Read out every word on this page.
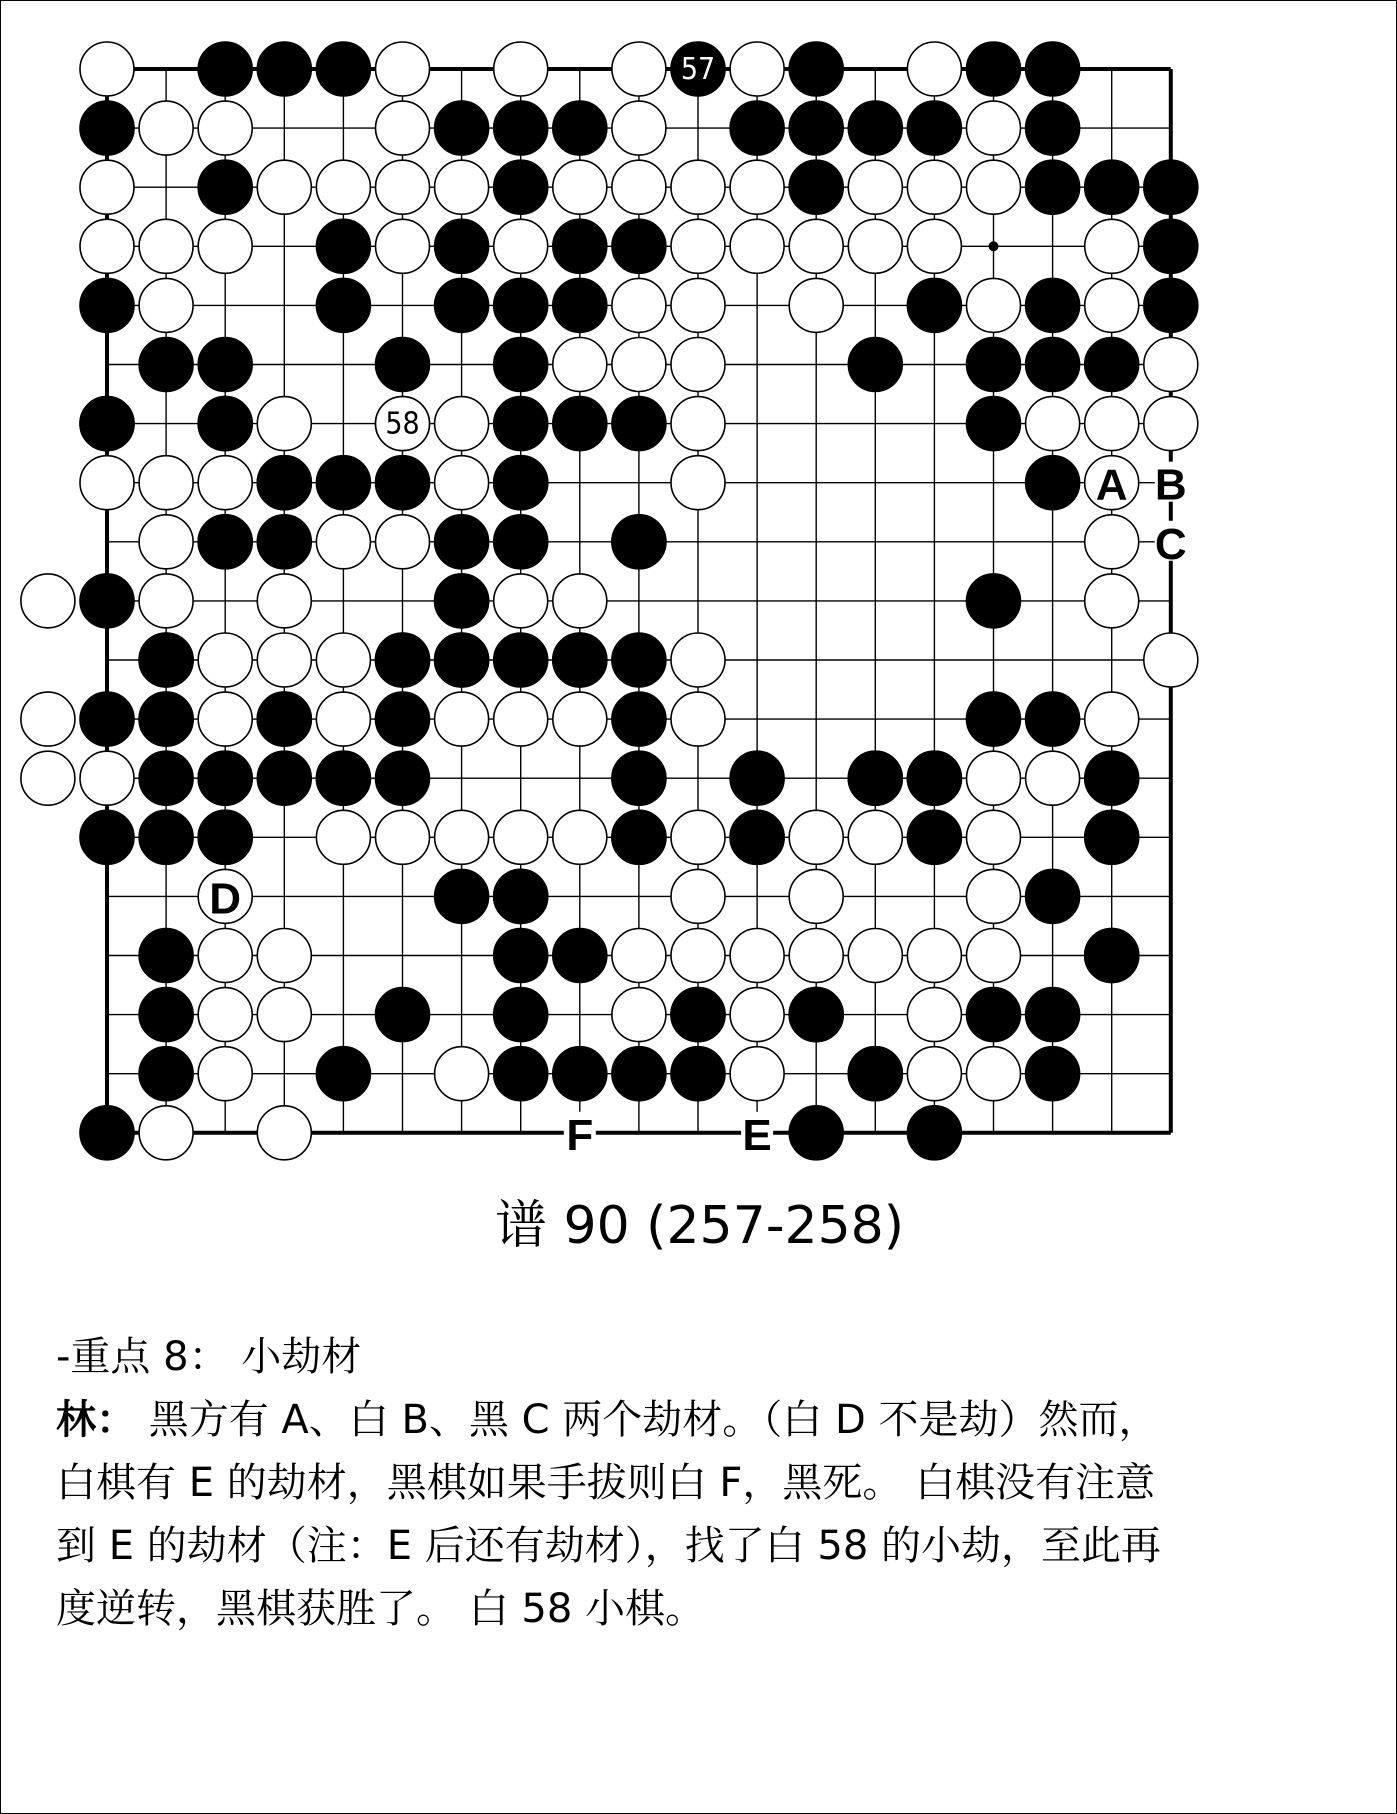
57
58
A B
C
D
E
F
谱 90 (257-258)
-重点 8： 小劫材
林： 黑方有 A、白 B、黑 C 两个劫材。（白 D 不是劫）然而，
白棋有 E 的劫材，黑棋如果手拔则白 F，黑死。 白棋没有注意
到 E 的劫材（注：E 后还有劫材），找了白 58 的小劫，至此再
度逆转，黑棋获胜了。 白 58 小棋。
